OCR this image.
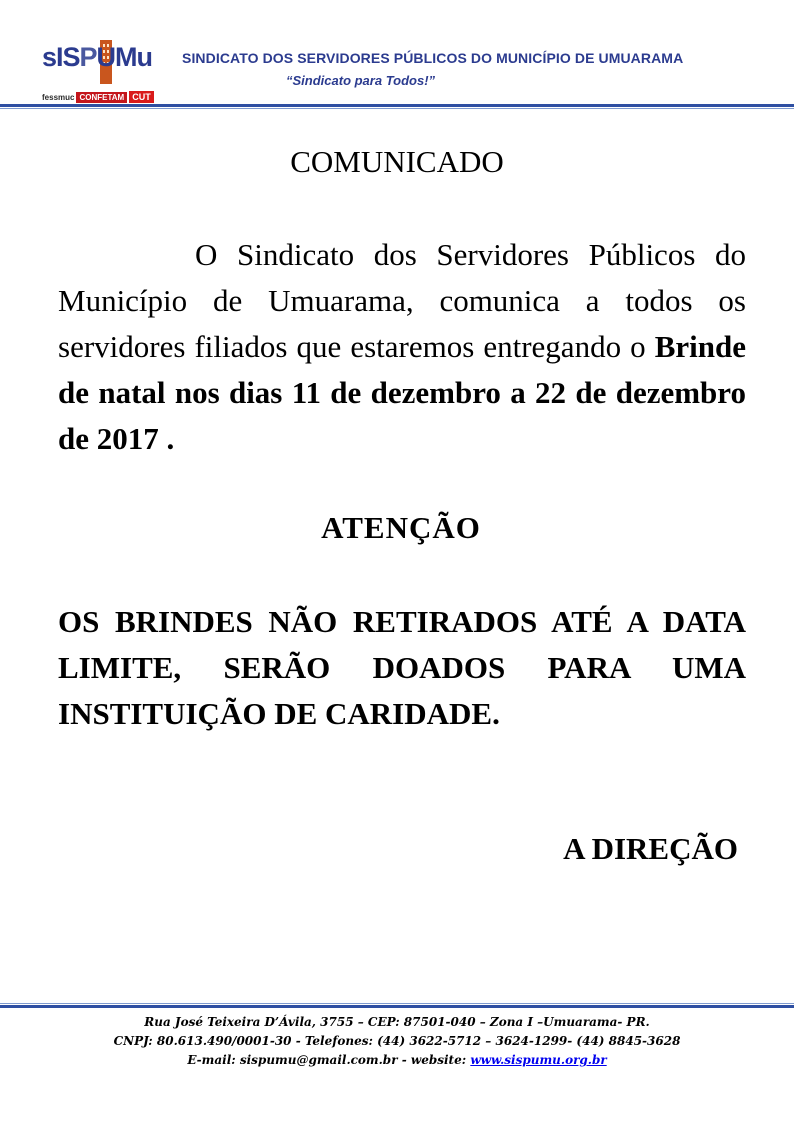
sISPUMu
fessmuc CONFETAM CUT
SINDICATO DOS SERVIDORES PÚBLICOS DO MUNICÍPIO DE UMUARAMA
“Sindicato para Todos!”
COMUNICADO
O Sindicato dos Servidores Públicos do Município de Umuarama, comunica a todos os servidores filiados que estaremos entregando o Brinde de natal nos dias 11 de dezembro a 22 de dezembro de 2017 .
ATENÇÃO
OS BRINDES NÃO RETIRADOS ATÉ A DATA LIMITE, SERÃO DOADOS PARA UMA INSTITUIÇÃO DE CARIDADE.
A DIREÇÃO
Rua José Teixeira D’Ávila, 3755 – CEP: 87501-040 – Zona I –Umuarama- PR.
CNPJ: 80.613.490/0001-30 - Telefones: (44) 3622-5712 – 3624-1299- (44) 8845-3628
E-mail: sispumu@gmail.com.br - website: www.sispumu.org.br
